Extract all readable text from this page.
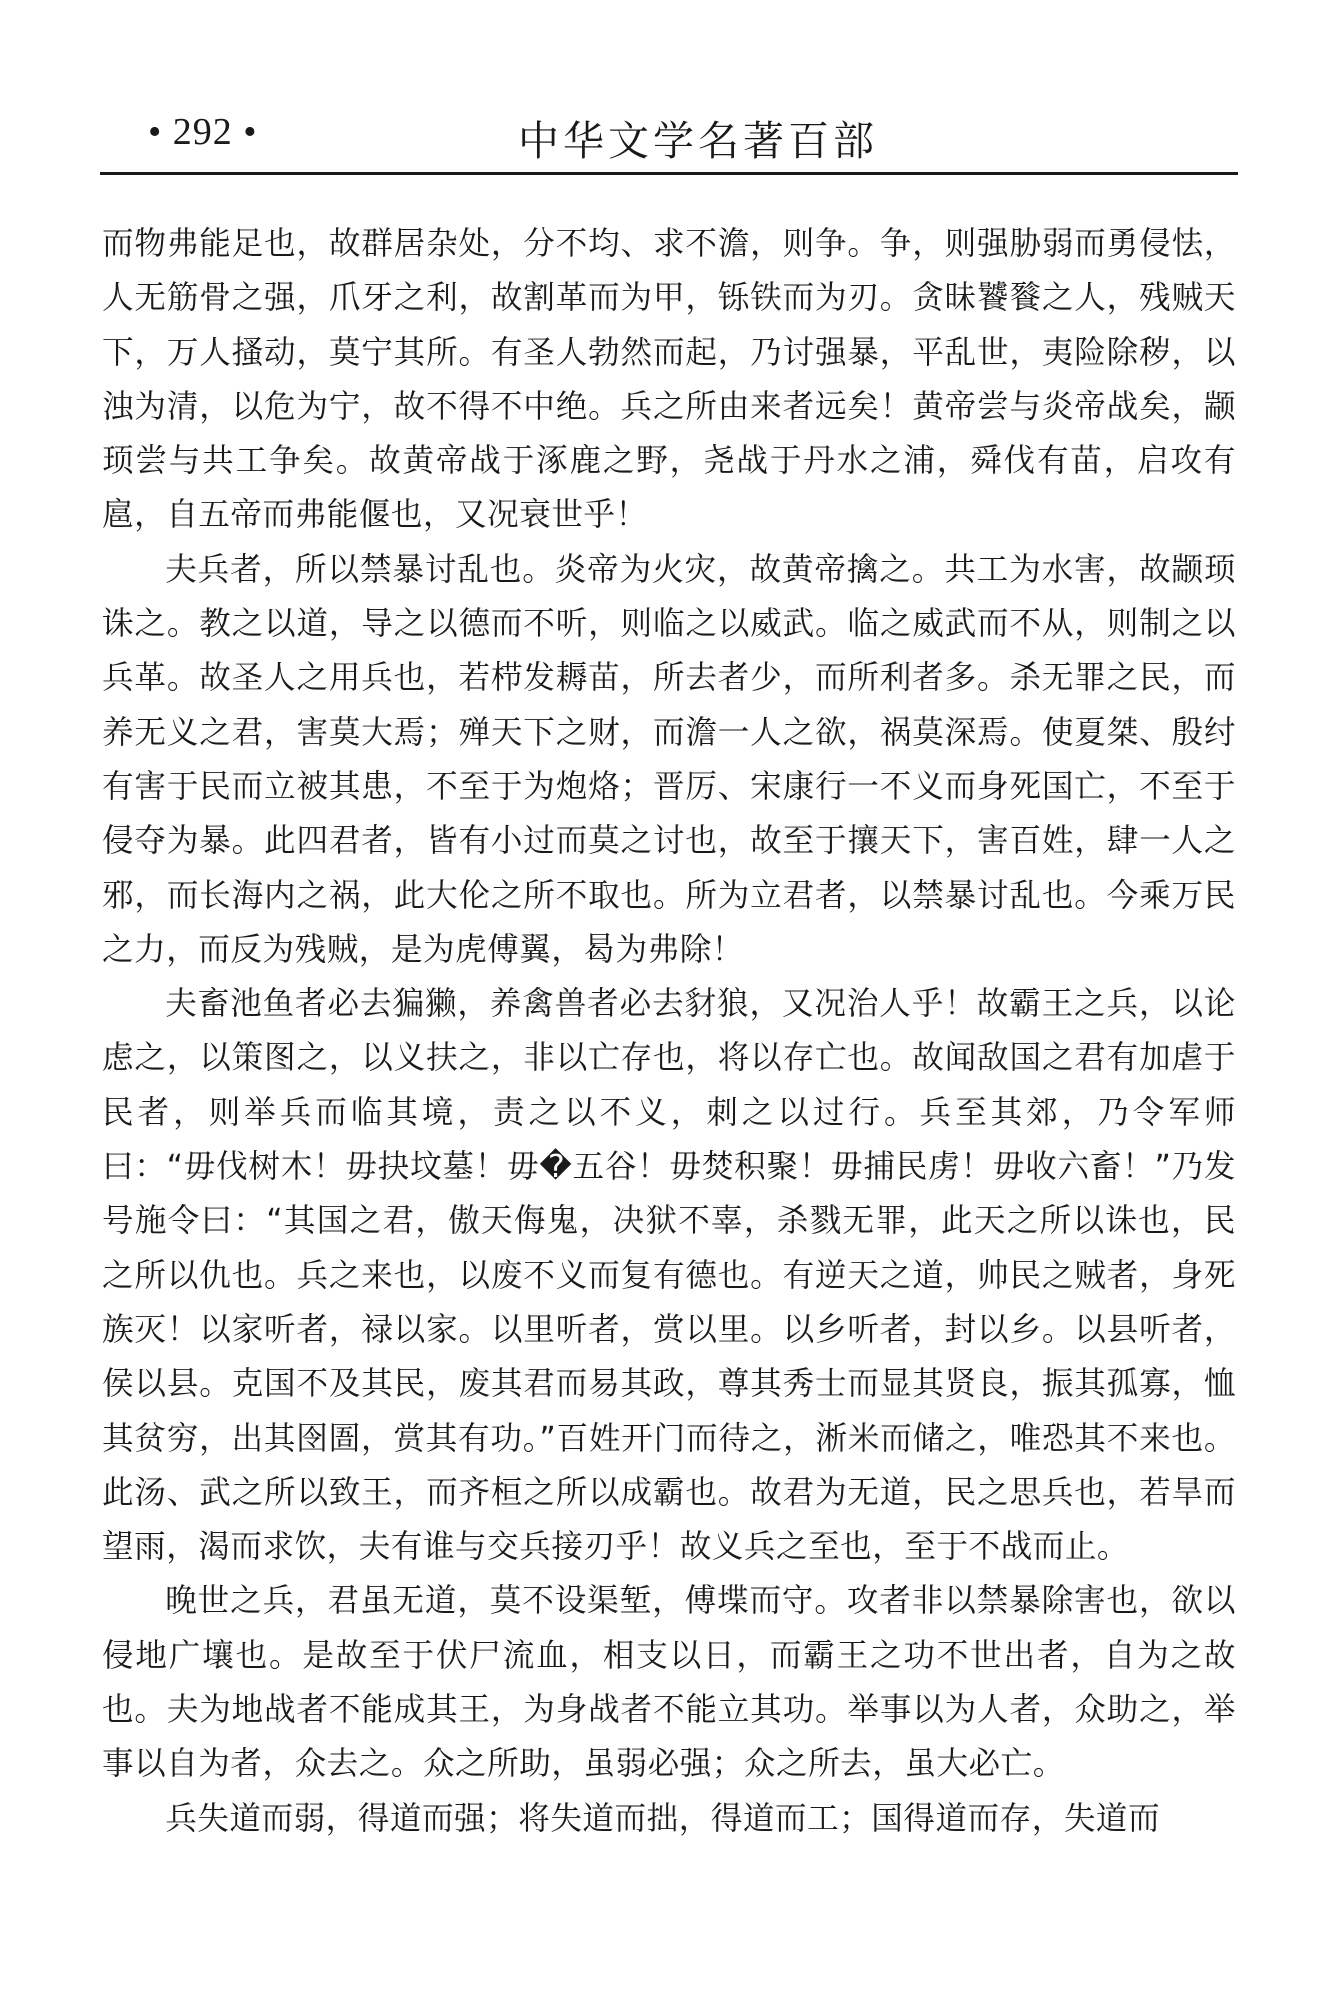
• 292 •	中华文学名著百部

而物弗能足也，故群居杂处，分不均、求不澹，则争。争，则强胁弱而勇侵怯，人无筋骨之强，爪牙之利，故割革而为甲，铄铁而为刃。贪昧饕餮之人，残贼天下，万人搔动，莫宁其所。有圣人勃然而起，乃讨强暴，平乱世，夷险除秽，以浊为清，以危为宁，故不得不中绝。兵之所由来者远矣！黄帝尝与炎帝战矣，颛顼尝与共工争矣。故黄帝战于涿鹿之野，尧战于丹水之浦，舜伐有苗，启攻有扈，自五帝而弗能偃也，又况衰世乎！

夫兵者，所以禁暴讨乱也。炎帝为火灾，故黄帝擒之。共工为水害，故颛顼诛之。教之以道，导之以德而不听，则临之以威武。临之威武而不从，则制之以兵革。故圣人之用兵也，若栉发耨苗，所去者少，而所利者多。杀无罪之民，而养无义之君，害莫大焉；殚天下之财，而澹一人之欲，祸莫深焉。使夏桀、殷纣有害于民而立被其患，不至于为炮烙；晋厉、宋康行一不义而身死国亡，不至于侵夺为暴。此四君者，皆有小过而莫之讨也，故至于攘天下，害百姓，肆一人之邪，而长海内之祸，此大伦之所不取也。所为立君者，以禁暴讨乱也。今乘万民之力，而反为残贼，是为虎傅翼，曷为弗除！

夫畜池鱼者必去猵獭，养禽兽者必去豺狼，又况治人乎！故霸王之兵，以论虑之，以策图之，以义扶之，非以亡存也，将以存亡也。故闻敌国之君有加虐于民者，则举兵而临其境，责之以不义，刺之以过行。兵至其郊，乃令军师曰：“毋伐树木！毋抉坟墓！毋�五谷！毋焚积聚！毋捕民虏！毋收六畜！”乃发号施令曰：“其国之君，傲天侮鬼，决狱不辜，杀戮无罪，此天之所以诛也，民之所以仇也。兵之来也，以废不义而复有德也。有逆天之道，帅民之贼者，身死族灭！以家听者，禄以家。以里听者，赏以里。以乡听者，封以乡。以县听者，侯以县。克国不及其民，废其君而易其政，尊其秀士而显其贤良，振其孤寡，恤其贫穷，出其囹圄，赏其有功。”百姓开门而待之，淅米而储之，唯恐其不来也。此汤、武之所以致王，而齐桓之所以成霸也。故君为无道，民之思兵也，若旱而望雨，渴而求饮，夫有谁与交兵接刃乎！故义兵之至也，至于不战而止。

晚世之兵，君虽无道，莫不设渠堑，傅堞而守。攻者非以禁暴除害也，欲以侵地广壤也。是故至于伏尸流血，相支以日，而霸王之功不世出者，自为之故也。夫为地战者不能成其王，为身战者不能立其功。举事以为人者，众助之，举事以自为者，众去之。众之所助，虽弱必强；众之所去，虽大必亡。

兵失道而弱，得道而强；将失道而拙，得道而工；国得道而存，失道而
